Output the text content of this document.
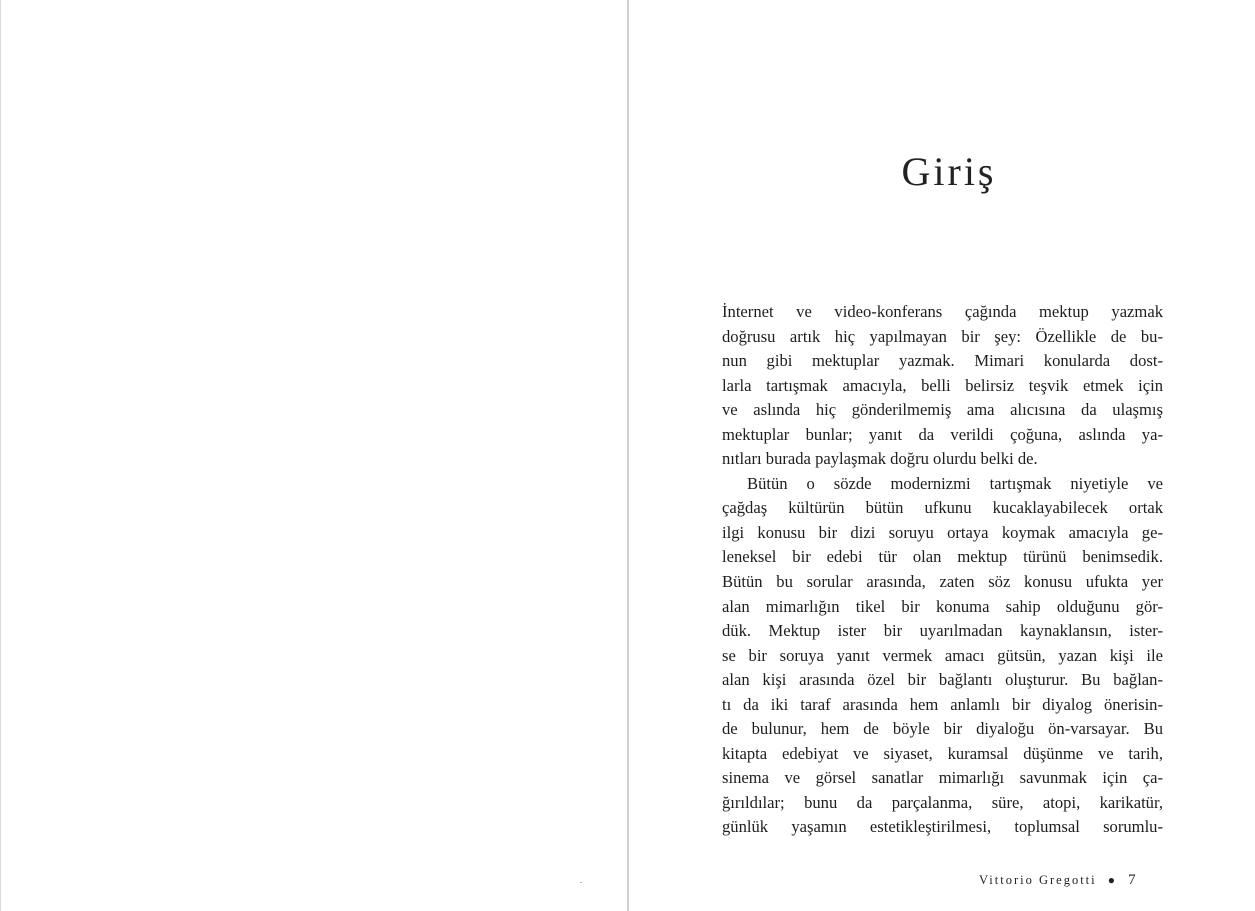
.
Giriş
İnternet ve video-konferans çağında mektup yazmak
doğrusu artık hiç yapılmayan bir şey: Özellikle de bu-
nun gibi mektuplar yazmak. Mimari konularda dost-
larla tartışmak amacıyla, belli belirsiz teşvik etmek için
ve aslında hiç gönderilmemiş ama alıcısına da ulaşmış
mektuplar bunlar; yanıt da verildi çoğuna, aslında ya-
nıtları burada paylaşmak doğru olurdu belki de.
Bütün o sözde modernizmi tartışmak niyetiyle ve
çağdaş kültürün bütün ufkunu kucaklayabilecek ortak
ilgi konusu bir dizi soruyu ortaya koymak amacıyla ge-
leneksel bir edebi tür olan mektup türünü benimsedik.
Bütün bu sorular arasında, zaten söz konusu ufukta yer
alan mimarlığın tikel bir konuma sahip olduğunu gör-
dük. Mektup ister bir uyarılmadan kaynaklansın, ister-
se bir soruya yanıt vermek amacı gütsün, yazan kişi ile
alan kişi arasında özel bir bağlantı oluşturur. Bu bağlan-
tı da iki taraf arasında hem anlamlı bir diyalog önerisin-
de bulunur, hem de böyle bir diyaloğu ön-varsayar. Bu
kitapta edebiyat ve siyaset, kuramsal düşünme ve tarih,
sinema ve görsel sanatlar mimarlığı savunmak için ça-
ğırıldılar; bunu da parçalanma, süre, atopi, karikatür,
günlük yaşamın estetikleştirilmesi, toplumsal sorumlu-
Vittorio Gregotti ● 7
